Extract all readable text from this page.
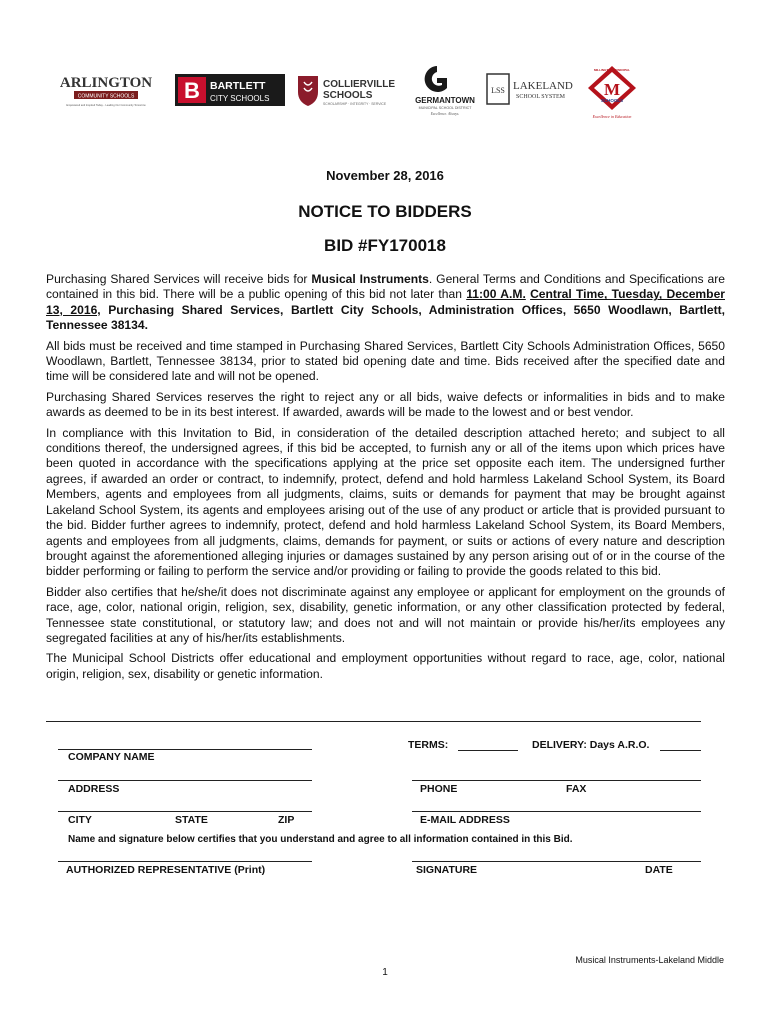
ARLINGTON
COMMUNITY SCHOOLS
Empowered and Inspired Today... Leading Our Community Tomorrow
B BARTLETT
CITY SCHOOLS
COLLIERVILLE
SCHOOLS
SCHOLARSHIP · INTEGRITY · SERVICE	GERMANTOWN
MUNICIPAL SCHOOL DISTRICT
Excellence. Always.
LSS LAKELAND
SCHOOL SYSTEM M
MILLINGTON MUNICIPAL
SCHOOLS
Excellence in Education
November 28, 2016
NOTICE TO BIDDERS
BID #FY170018

Purchasing Shared Services will receive bids for Musical Instruments. General Terms and Conditions and Specifications are contained in this bid. There will be a public opening of this bid not later than 11:00 A.M. Central Time, Tuesday, December 13, 2016, Purchasing Shared Services, Bartlett City Schools, Administration Offices, 5650 Woodlawn, Bartlett, Tennessee 38134.

All bids must be received and time stamped in Purchasing Shared Services, Bartlett City Schools Administration Offices, 5650 Woodlawn, Bartlett, Tennessee 38134, prior to stated bid opening date and time. Bids received after the specified date and time will be considered late and will not be opened.

Purchasing Shared Services reserves the right to reject any or all bids, waive defects or informalities in bids and to make awards as deemed to be in its best interest. If awarded, awards will be made to the lowest and or best vendor.

In compliance with this Invitation to Bid, in consideration of the detailed description attached hereto; and subject to all conditions thereof, the undersigned agrees, if this bid be accepted, to furnish any or all of the items upon which prices have been quoted in accordance with the specifications applying at the price set opposite each item. The undersigned further agrees, if awarded an order or contract, to indemnify, protect, defend and hold harmless Lakeland School System, its Board Members, agents and employees from all judgments, claims, suits or demands for payment that may be brought against Lakeland School System, its agents and employees arising out of the use of any product or article that is provided pursuant to the bid. Bidder further agrees to indemnify, protect, defend and hold harmless Lakeland School System, its Board Members, agents and employees from all judgments, claims, demands for payment, or suits or actions of every nature and description brought against the aforementioned alleging injuries or damages sustained by any person arising out of or in the course of the bidder performing or failing to perform the service and/or providing or failing to provide the goods related to this bid.

Bidder also certifies that he/she/it does not discriminate against any employee or applicant for employment on the grounds of race, age, color, national origin, religion, sex, disability, genetic information, or any other classification protected by federal, Tennessee state constitutional, or statutory law; and does not and will not maintain or provide his/her/its employees any segregated facilities at any of his/her/its establishments.

The Municipal School Districts offer educational and employment opportunities without regard to race, age, color, national origin, religion, sex, disability or genetic information.

COMPANY NAME
TERMS:	DELIVERY: Days A.R.O.
ADDRESS	PHONE	FAX
CITY	STATE	ZIP	E-MAIL ADDRESS
Name and signature below certifies that you understand and agree to all information contained in this Bid.
AUTHORIZED REPRESENTATIVE (Print)	SIGNATURE	DATE
Musical Instruments-Lakeland Middle
1
